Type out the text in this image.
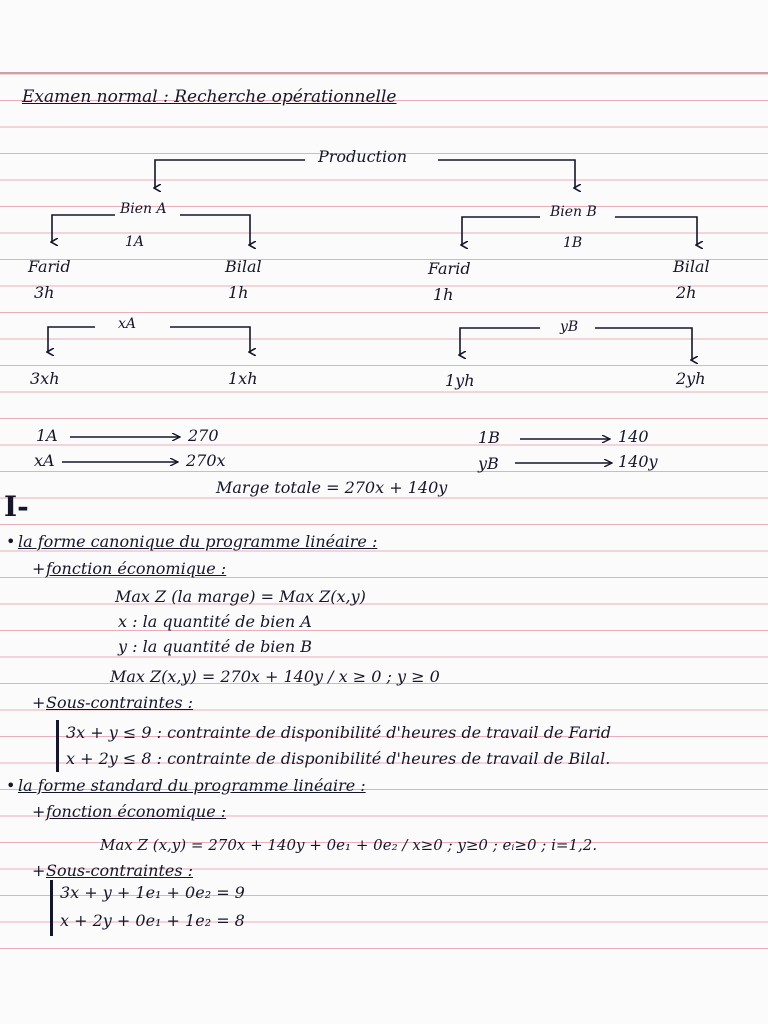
Examen normal : Recherche opérationnelle
Production
Bien A
1A
Bien B
1B
Farid
3h
Bilal
1h
Farid
1h
Bilal
2h
xA	yB
3xh	1xh	1yh	2yh
1A	270
xA	270x
1B	140
yB	140y
Marge totale = 270x + 140y
I-
• la forme canonique du programme linéaire :
+ fonction économique :
Max Z (la marge) = Max Z(x,y)
x : la quantité de bien A
y : la quantité de bien B
Max Z(x,y) = 270x + 140y / x ≥ 0 ; y ≥ 0
+ Sous-contraintes :
3x + y ≤ 9 : contrainte de disponibilité d'heures de travail de Farid
x + 2y ≤ 8 : contrainte de disponibilité d'heures de travail de Bilal.
• la forme standard du programme linéaire :
+ fonction économique :
Max Z (x,y) = 270x + 140y + 0e₁ + 0e₂ / x≥0 ; y≥0 ; eᵢ≥0 ; i=1,2.
+ Sous-contraintes :
3x + y + 1e₁ + 0e₂ = 9
x + 2y + 0e₁ + 1e₂ = 8
